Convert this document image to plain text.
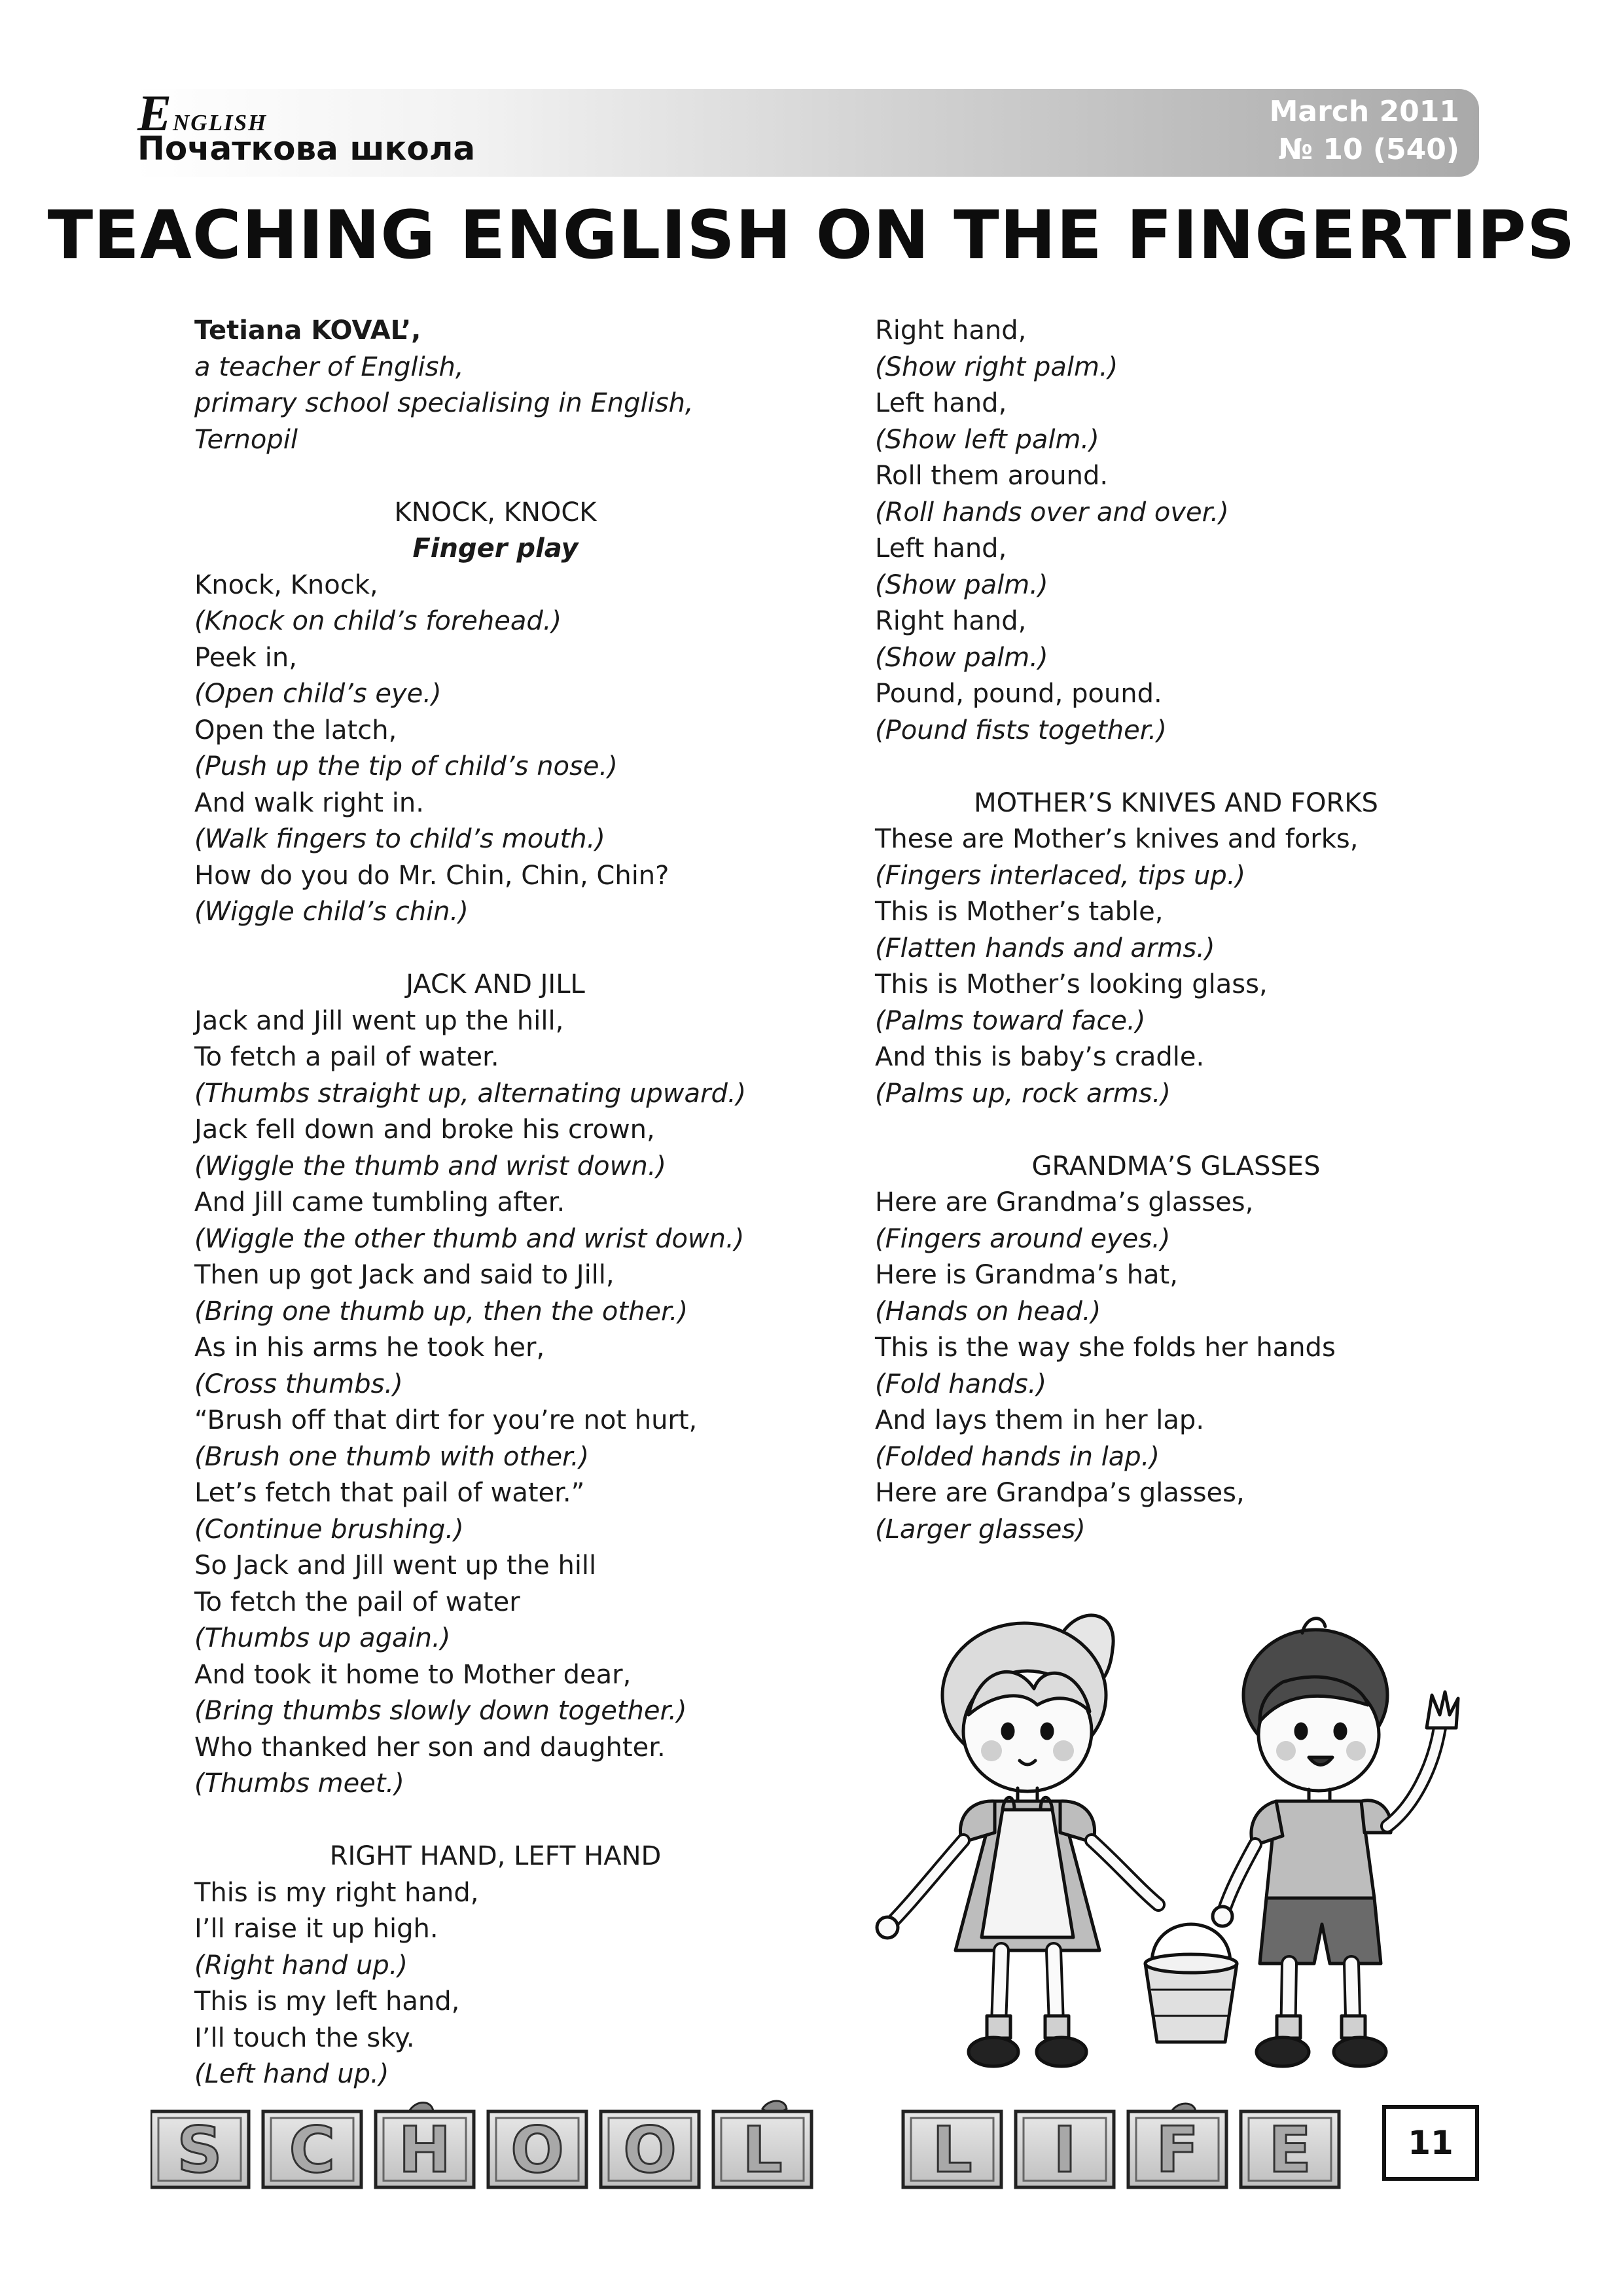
English
Початкова школа
March 2011
№ 10 (540)
TEACHING ENGLISH ON THE FINGERTIPS
Tetiana KOVAL’,
a teacher of English,
primary school specialising in English,
Ternopil
KNOCK, KNOCK
Finger play
Knock, Knock,
(Knock on child’s forehead.)
Peek in,
(Open child’s eye.)
Open the latch,
(Push up the tip of child’s nose.)
And walk right in.
(Walk fingers to child’s mouth.)
How do you do Mr. Chin, Chin, Chin?
(Wiggle child’s chin.)
JACK AND JILL
Jack and Jill went up the hill,
To fetch a pail of water.
(Thumbs straight up, alternating upward.)
Jack fell down and broke his crown,
(Wiggle the thumb and wrist down.)
And Jill came tumbling after.
(Wiggle the other thumb and wrist down.)
Then up got Jack and said to Jill,
(Bring one thumb up, then the other.)
As in his arms he took her,
(Cross thumbs.)
“Brush off that dirt for you’re not hurt,
(Brush one thumb with other.)
Let’s fetch that pail of water.”
(Continue brushing.)
So Jack and Jill went up the hill
To fetch the pail of water
(Thumbs up again.)
And took it home to Mother dear,
(Bring thumbs slowly down together.)
Who thanked her son and daughter.
(Thumbs meet.)
RIGHT HAND, LEFT HAND
This is my right hand,
I’ll raise it up high.
(Right hand up.)
This is my left hand,
I’ll touch the sky.
(Left hand up.)
Right hand,
(Show right palm.)
Left hand,
(Show left palm.)
Roll them around.
(Roll hands over and over.)
Left hand,
(Show palm.)
Right hand,
(Show palm.)
Pound, pound, pound.
(Pound fists together.)
MOTHER’S KNIVES AND FORKS
These are Mother’s knives and forks,
(Fingers interlaced, tips up.)
This is Mother’s table,
(Flatten hands and arms.)
This is Mother’s looking glass,
(Palms toward face.)
And this is baby’s cradle.
(Palms up, rock arms.)
GRANDMA’S GLASSES
Here are Grandma’s glasses,
(Fingers around eyes.)
Here is Grandma’s hat,
(Hands on head.)
This is the way she folds her hands
(Fold hands.)
And lays them in her lap.
(Folded hands in lap.)
Here are Grandpa’s glasses,
(Larger glasses)
S C H O O L L I F E	11
